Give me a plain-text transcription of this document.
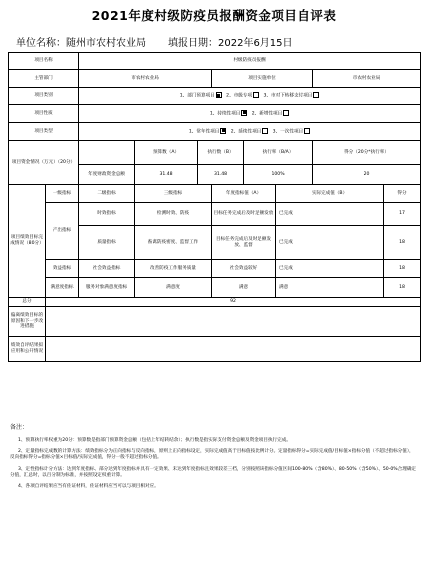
2021年度村级防疫员报酬资金项目自评表
单位名称：随州市农村农业局 填报日期：2022年6月15日
项目名称		村级防疫员报酬							
主管部门		市农村农业局			项目实施单位			市农村农业局	
项目类别		1、部门预算项目 2、市级专项 3、市对下转移支付项目							
项目性质		1、持续性项目 2、新增性项目							
项目类型		1、常年性项目 2、延续性项目 3、一次性项目							
项目资金情况（万元）（20分）			预算数（A）	执行数（B）		执行率（B/A）		得分（20分*执行率）	
		年度财政资金总额	31.48	31.48		100%		20	
项目绩效目标完成情况（80分）	一级指标	二级指标	三级指标		年度指标值（A）		实际完成值（B）		得分
	产出指标	时效指标	检测时效、防疫		目标任务完成后及时足额发放		已完成		17
		质量指标	畜禽防疫密度、监督工作		目标任务完成后及时足额发放、监督		已完成		18
	效益指标	社会效益指标	改善防疫工作服务质量		社会效益较好		已完成		18
	满意度指标	服务对象满意度指标	满意度		满意		满意		18
总分	92								
偏离绩效目标的原因和下一步改进措施									
绩效自评结果拟应用和公开情况									

备注：

1、预算执行率权重为20分：预算数是指部门预算资金总额（包括上年结转结余）；执行数是指实际支付资金总额及资金项目执行完成。

2、定量指标完成数的计算方法：绩效指标分为正向指标与反向指标，原则上正向指标设定，实际完成值高于目标值按比例计分。定量指标得分=实际完成值/目标值×指标分值（不超过指标分值），反向指标得分=指标分值×目标值/实际完成值，得分一般不超过指标分值。

3、定性指标计分方法：达到年度指标、部分达到年度指标并具有一定效果、未达到年度指标且效果较差三档，分别按照该指标分值区间100-80%（含80%）、80-50%（含50%）、50-0%合理确定分值，汇总时，以百分制为标准，并按照设定权重计算。

4、各项自评结果应当有佐证材料，佐证材料应当可以与项目相对应。
